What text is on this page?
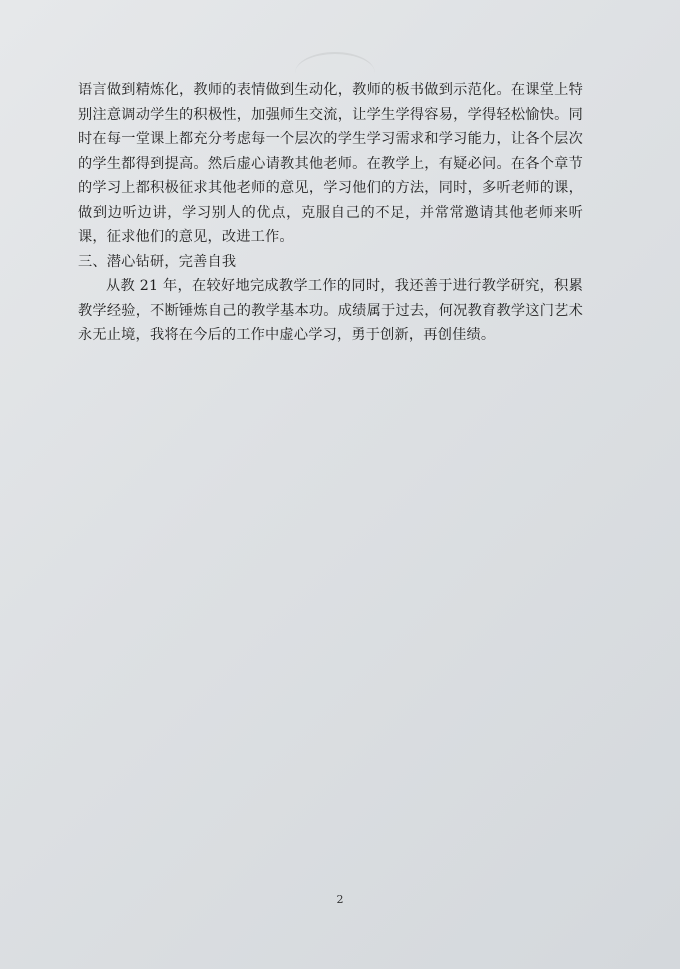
语言做到精炼化，教师的表情做到生动化，教师的板书做到示范化。在课堂上特别注意调动学生的积极性，加强师生交流，让学生学得容易，学得轻松愉快。同时在每一堂课上都充分考虑每一个层次的学生学习需求和学习能力，让各个层次的学生都得到提高。然后虚心请教其他老师。在教学上，有疑必问。在各个章节的学习上都积极征求其他老师的意见，学习他们的方法，同时，多听老师的课，做到边听边讲，学习别人的优点，克服自己的不足，并常常邀请其他老师来听课，征求他们的意见，改进工作。

三、潜心钻研，完善自我

从教 21 年，在较好地完成教学工作的同时，我还善于进行教学研究，积累教学经验，不断锤炼自己的教学基本功。成绩属于过去，何况教育教学这门艺术永无止境，我将在今后的工作中虚心学习，勇于创新，再创佳绩。

2
